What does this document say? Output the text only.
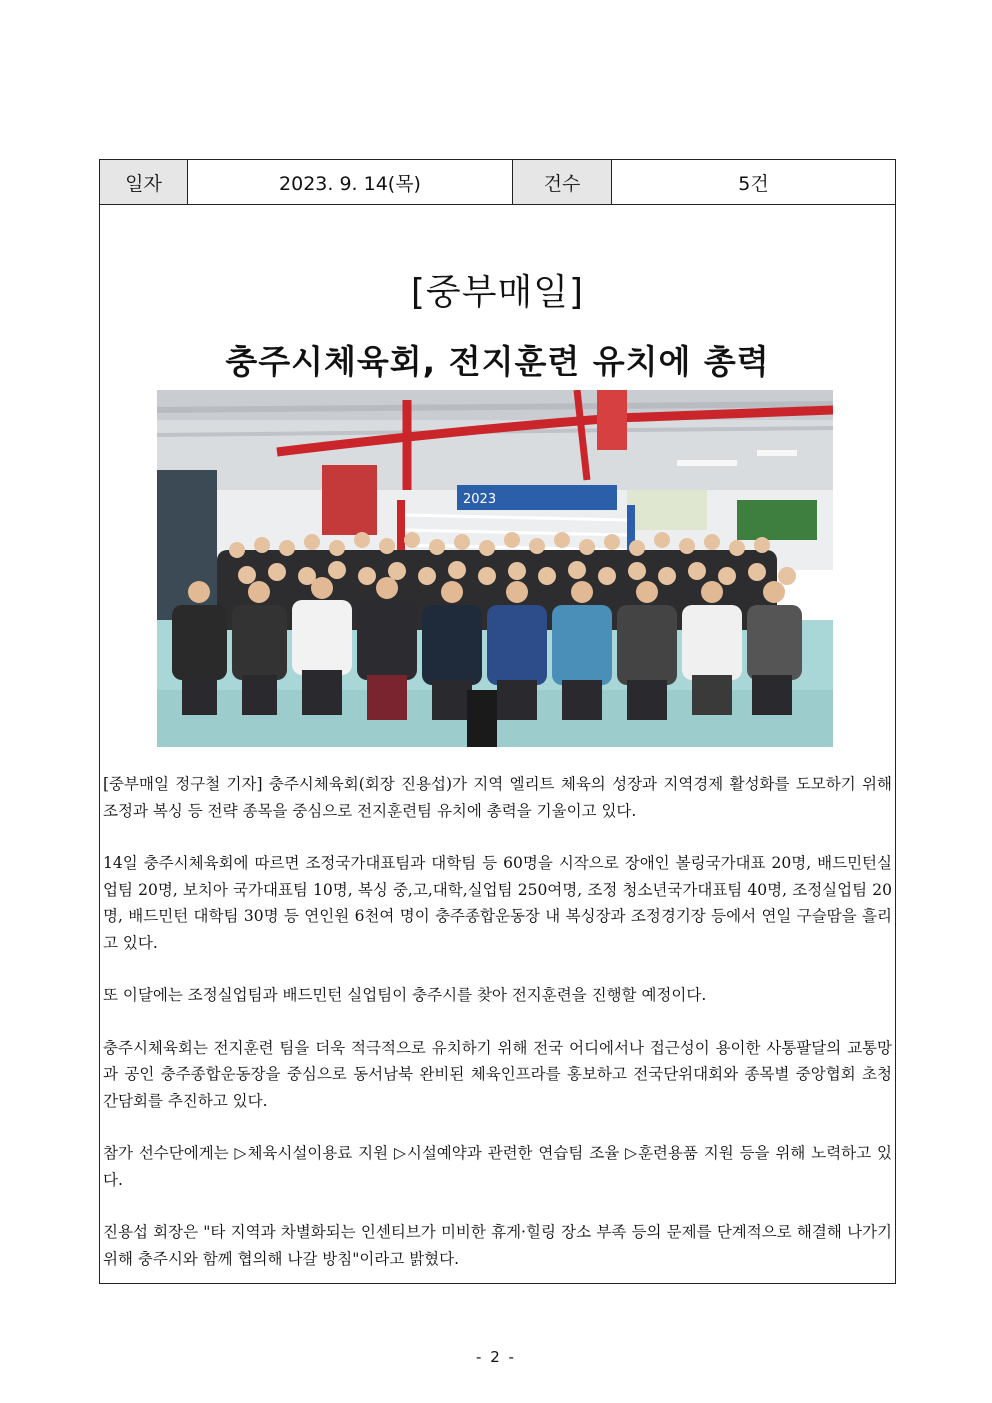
일자	2023. 9. 14(목)	건수	5건
[중부매일]
충주시체육회, 전지훈련 유치에 총력
2023

[중부매일 정구철 기자] 충주시체육회(회장 진용섭)가 지역 엘리트 체육의 성장과 지역경제 활성화를 도모하기 위해 조정과 복싱 등 전략 종목을 중심으로 전지훈련팀 유치에 총력을 기울이고 있다.

14일 충주시체육회에 따르면 조정국가대표팀과 대학팀 등 60명을 시작으로 장애인 볼링국가대표 20명, 배드민턴실업팀 20명, 보치아 국가대표팀 10명, 복싱 중,고,대학,실업팀 250여명, 조정 청소년국가대표팀 40명, 조정실업팀 20명, 배드민턴 대학팀 30명 등 연인원 6천여 명이 충주종합운동장 내 복싱장과 조정경기장 등에서 연일 구슬땀을 흘리고 있다.

또 이달에는 조정실업팀과 배드민턴 실업팀이 충주시를 찾아 전지훈련을 진행할 예정이다.

충주시체육회는 전지훈련 팀을 더욱 적극적으로 유치하기 위해 전국 어디에서나 접근성이 용이한 사통팔달의 교통망과 공인 충주종합운동장을 중심으로 동서남북 완비된 체육인프라를 홍보하고 전국단위대회와 종목별 중앙협회 초청 간담회를 추진하고 있다.

참가 선수단에게는 ▷체육시설이용료 지원 ▷시설예약과 관련한 연습팀 조율 ▷훈련용품 지원 등을 위해 노력하고 있다.

진용섭 회장은 "타 지역과 차별화되는 인센티브가 미비한 휴게·힐링 장소 부족 등의 문제를 단계적으로 해결해 나가기 위해 충주시와 함께 협의해 나갈 방침"이라고 밝혔다.

- 2 -
